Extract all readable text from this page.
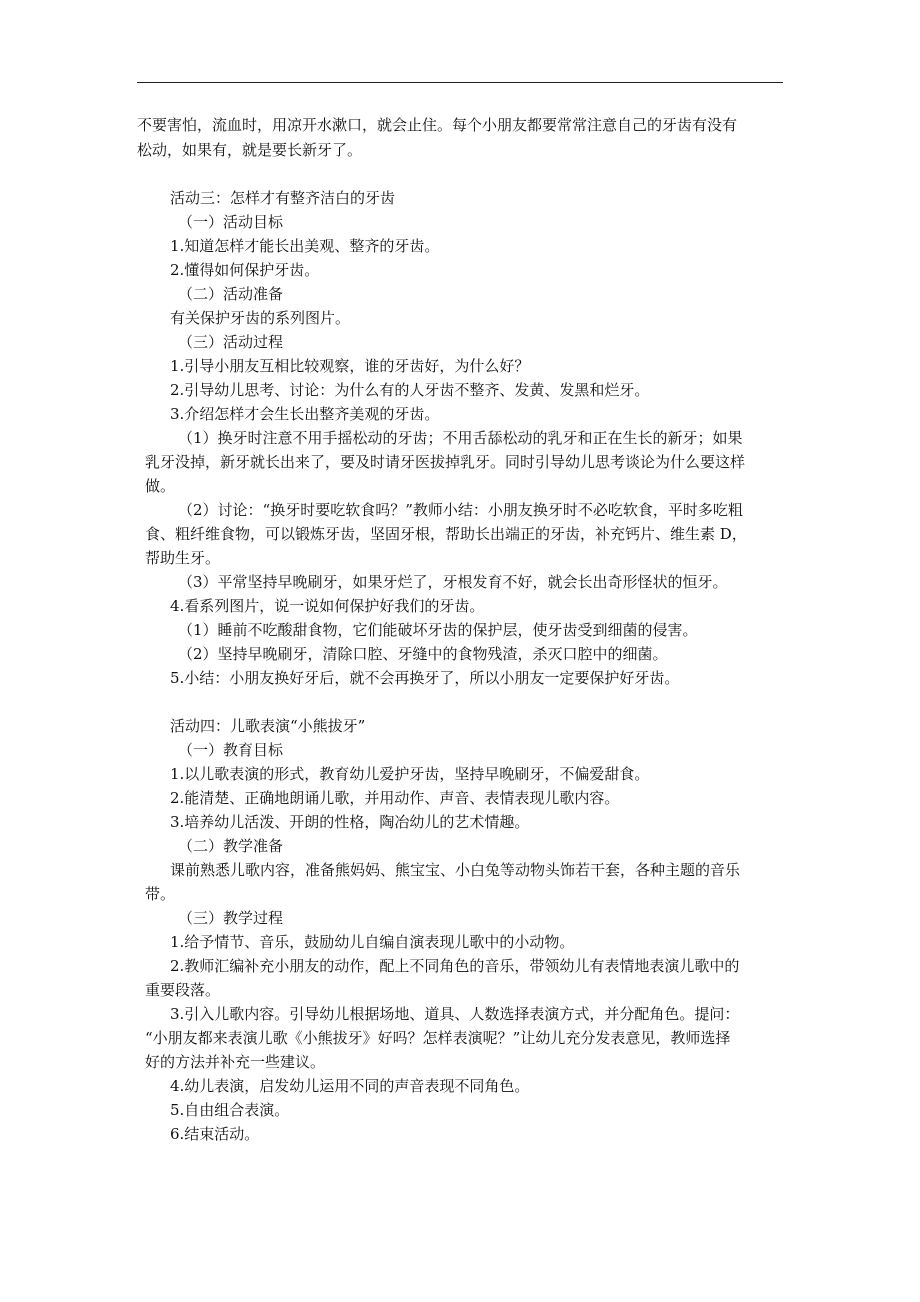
不要害怕，流血时，用凉开水漱口，就会止住。每个小朋友都要常常注意自己的牙齿有没有

松动，如果有，就是要长新牙了。

活动三：怎样才有整齐洁白的牙齿

（一）活动目标

1.知道怎样才能长出美观、整齐的牙齿。

2.懂得如何保护牙齿。

（二）活动准备

有关保护牙齿的系列图片。

（三）活动过程

1.引导小朋友互相比较观察，谁的牙齿好，为什么好？

2.引导幼儿思考、讨论：为什么有的人牙齿不整齐、发黄、发黑和烂牙。

3.介绍怎样才会生长出整齐美观的牙齿。

（1）换牙时注意不用手摇松动的牙齿；不用舌舔松动的乳牙和正在生长的新牙；如果

乳牙没掉，新牙就长出来了，要及时请牙医拔掉乳牙。同时引导幼儿思考谈论为什么要这样

做。

（2）讨论：“换牙时要吃软食吗？”教师小结：小朋友换牙时不必吃软食，平时多吃粗

食、粗纤维食物，可以锻炼牙齿，坚固牙根，帮助长出端正的牙齿，补充钙片、维生素 D，

帮助生牙。

（3）平常坚持早晚刷牙，如果牙烂了，牙根发育不好，就会长出奇形怪状的恒牙。

4.看系列图片，说一说如何保护好我们的牙齿。

（1）睡前不吃酸甜食物，它们能破坏牙齿的保护层，使牙齿受到细菌的侵害。

（2）坚持早晚刷牙，清除口腔、牙缝中的食物残渣，杀灭口腔中的细菌。

5.小结：小朋友换好牙后，就不会再换牙了，所以小朋友一定要保护好牙齿。

活动四：儿歌表演“小熊拔牙”

（一）教育目标

1.以儿歌表演的形式，教育幼儿爱护牙齿，坚持早晚刷牙，不偏爱甜食。

2.能清楚、正确地朗诵儿歌，并用动作、声音、表情表现儿歌内容。

3.培养幼儿活泼、开朗的性格，陶冶幼儿的艺术情趣。

（二）教学准备

课前熟悉儿歌内容，准备熊妈妈、熊宝宝、小白兔等动物头饰若干套，各种主题的音乐

带。

（三）教学过程

1.给予情节、音乐，鼓励幼儿自编自演表现儿歌中的小动物。

2.教师汇编补充小朋友的动作，配上不同角色的音乐，带领幼儿有表情地表演儿歌中的

重要段落。

3.引入儿歌内容。引导幼儿根据场地、道具、人数选择表演方式，并分配角色。提问：

“小朋友都来表演儿歌《小熊拔牙》好吗？怎样表演呢？”让幼儿充分发表意见，教师选择

好的方法并补充一些建议。

4.幼儿表演，启发幼儿运用不同的声音表现不同角色。

5.自由组合表演。

6.结束活动。
